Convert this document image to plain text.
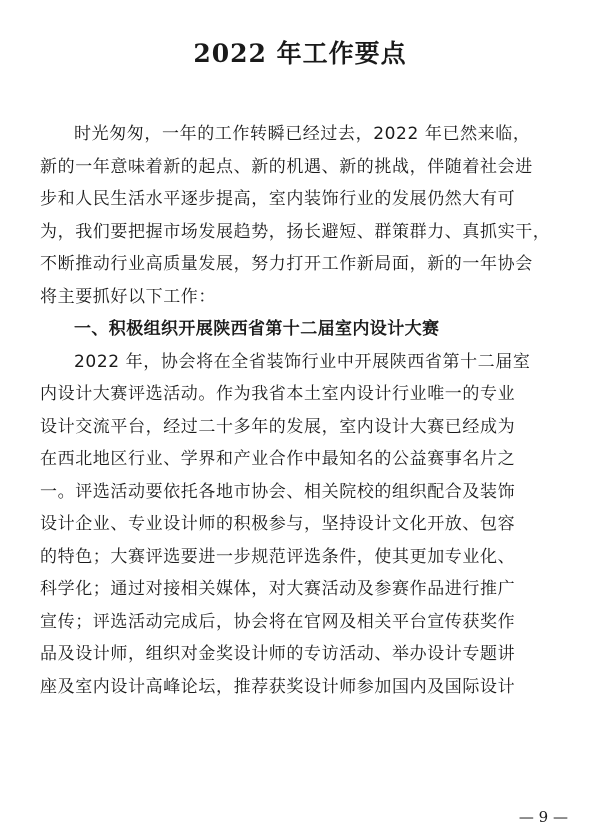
2022 年工作要点
时光匆匆，一年的工作转瞬已经过去，2022 年已然来临，
新的一年意味着新的起点、新的机遇、新的挑战，伴随着社会进
步和人民生活水平逐步提高，室内装饰行业的发展仍然大有可
为，我们要把握市场发展趋势，扬长避短、群策群力、真抓实干，
不断推动行业高质量发展，努力打开工作新局面，新的一年协会
将主要抓好以下工作：
一、积极组织开展陕西省第十二届室内设计大赛
2022 年，协会将在全省装饰行业中开展陕西省第十二届室
内设计大赛评选活动。作为我省本土室内设计行业唯一的专业
设计交流平台，经过二十多年的发展，室内设计大赛已经成为
在西北地区行业、学界和产业合作中最知名的公益赛事名片之
一。评选活动要依托各地市协会、相关院校的组织配合及装饰
设计企业、专业设计师的积极参与，坚持设计文化开放、包容
的特色；大赛评选要进一步规范评选条件，使其更加专业化、
科学化；通过对接相关媒体，对大赛活动及参赛作品进行推广
宣传；评选活动完成后，协会将在官网及相关平台宣传获奖作
品及设计师，组织对金奖设计师的专访活动、举办设计专题讲
座及室内设计高峰论坛，推荐获奖设计师参加国内及国际设计
— 9 —
